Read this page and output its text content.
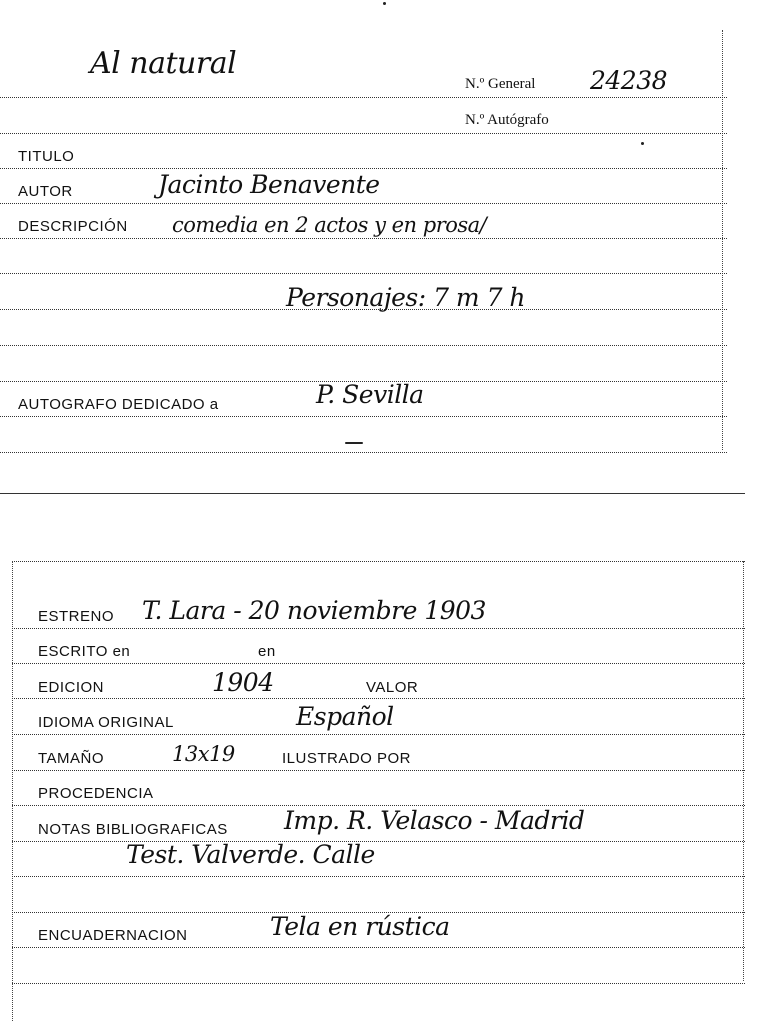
Al natural
N.º General 24238
N.º Autógrafo
TITULO
AUTOR	Jacinto Benavente
DESCRIPCIÓN comedia en 2 actos y en prosa/
Personajes: 7 m 7 h
AUTOGRAFO DEDICADO a	P. Sevilla
ESTRENO T. Lara - 20 noviembre 1903
ESCRITO en	en
EDICION	1904	VALOR
IDIOMA ORIGINAL	Español
TAMAÑO	13x19	ILUSTRADO POR
PROCEDENCIA
NOTAS BIBLIOGRAFICAS Imp. R. Velasco - Madrid
Test. Valverde. Calle
ENCUADERNACION	Tela en rústica
